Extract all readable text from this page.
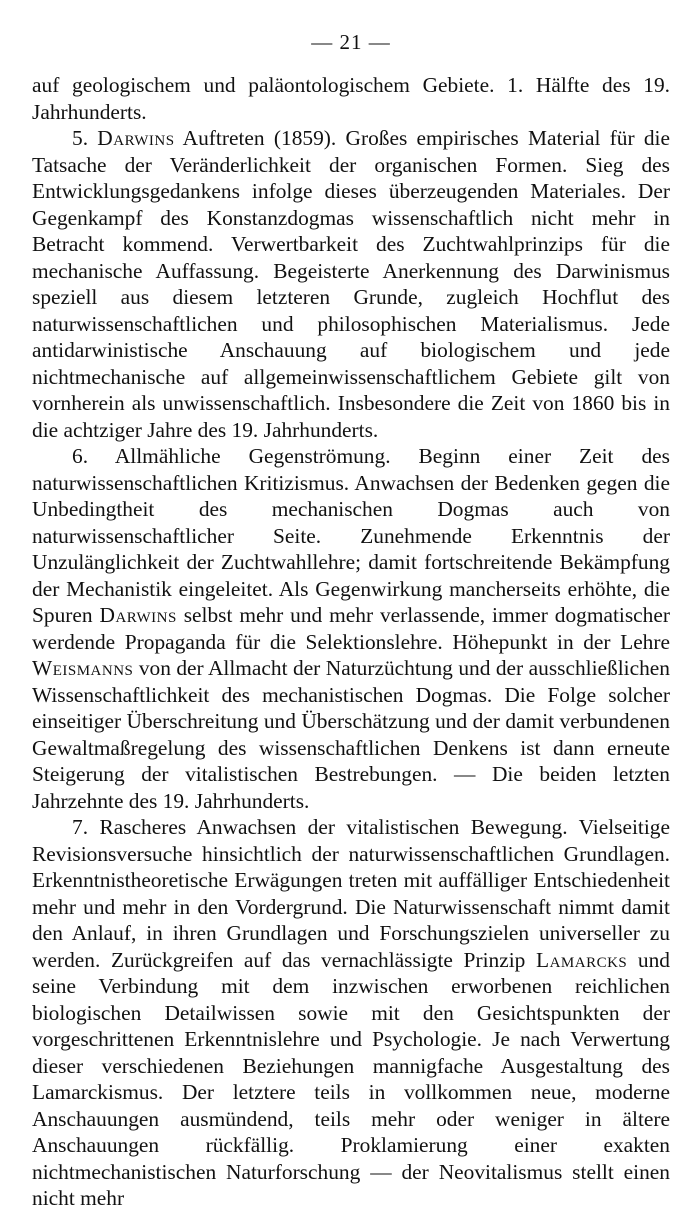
— 21 —

auf geologischem und paläontologischem Gebiete. 1. Hälfte des 19. Jahrhunderts.

5. Darwins Auftreten (1859). Großes empirisches Material für die Tatsache der Veränderlichkeit der organischen Formen. Sieg des Entwicklungsgedankens infolge dieses überzeugenden Materiales. Der Gegenkampf des Konstanzdogmas wissenschaftlich nicht mehr in Betracht kommend. Verwertbarkeit des Zuchtwahlprinzips für die mechanische Auffassung. Begeisterte Anerkennung des Darwinismus speziell aus diesem letzteren Grunde, zugleich Hochflut des naturwissenschaftlichen und philosophischen Materialismus. Jede antidarwinistische Anschauung auf biologischem und jede nichtmechanische auf allgemeinwissenschaftlichem Gebiete gilt von vornherein als unwissenschaftlich. Insbesondere die Zeit von 1860 bis in die achtziger Jahre des 19. Jahrhunderts.

6. Allmähliche Gegenströmung. Beginn einer Zeit des naturwissenschaftlichen Kritizismus. Anwachsen der Bedenken gegen die Unbedingtheit des mechanischen Dogmas auch von naturwissenschaftlicher Seite. Zunehmende Erkenntnis der Unzulänglichkeit der Zuchtwahllehre; damit fortschreitende Bekämpfung der Mechanistik eingeleitet. Als Gegenwirkung mancherseits erhöhte, die Spuren Darwins selbst mehr und mehr verlassende, immer dogmatischer werdende Propaganda für die Selektionslehre. Höhepunkt in der Lehre Weismanns von der Allmacht der Naturzüchtung und der ausschließlichen Wissenschaftlichkeit des mechanistischen Dogmas. Die Folge solcher einseitiger Überschreitung und Überschätzung und der damit verbundenen Gewaltmaßregelung des wissenschaftlichen Denkens ist dann erneute Steigerung der vitalistischen Bestrebungen. — Die beiden letzten Jahrzehnte des 19. Jahrhunderts.

7. Rascheres Anwachsen der vitalistischen Bewegung. Vielseitige Revisionsversuche hinsichtlich der naturwissenschaftlichen Grundlagen. Erkenntnistheoretische Erwägungen treten mit auffälliger Entschiedenheit mehr und mehr in den Vordergrund. Die Naturwissenschaft nimmt damit den Anlauf, in ihren Grundlagen und Forschungszielen universeller zu werden. Zurückgreifen auf das vernachlässigte Prinzip Lamarcks und seine Verbindung mit dem inzwischen erworbenen reichlichen biologischen Detailwissen sowie mit den Gesichtspunkten der vorgeschrittenen Erkenntnislehre und Psychologie. Je nach Verwertung dieser verschiedenen Beziehungen mannigfache Ausgestaltung des Lamarckismus. Der letztere teils in vollkommen neue, moderne Anschauungen ausmündend, teils mehr oder weniger in ältere Anschauungen rückfällig. Proklamierung einer exakten nichtmechanistischen Naturforschung — der Neovitalismus stellt einen nicht mehr
